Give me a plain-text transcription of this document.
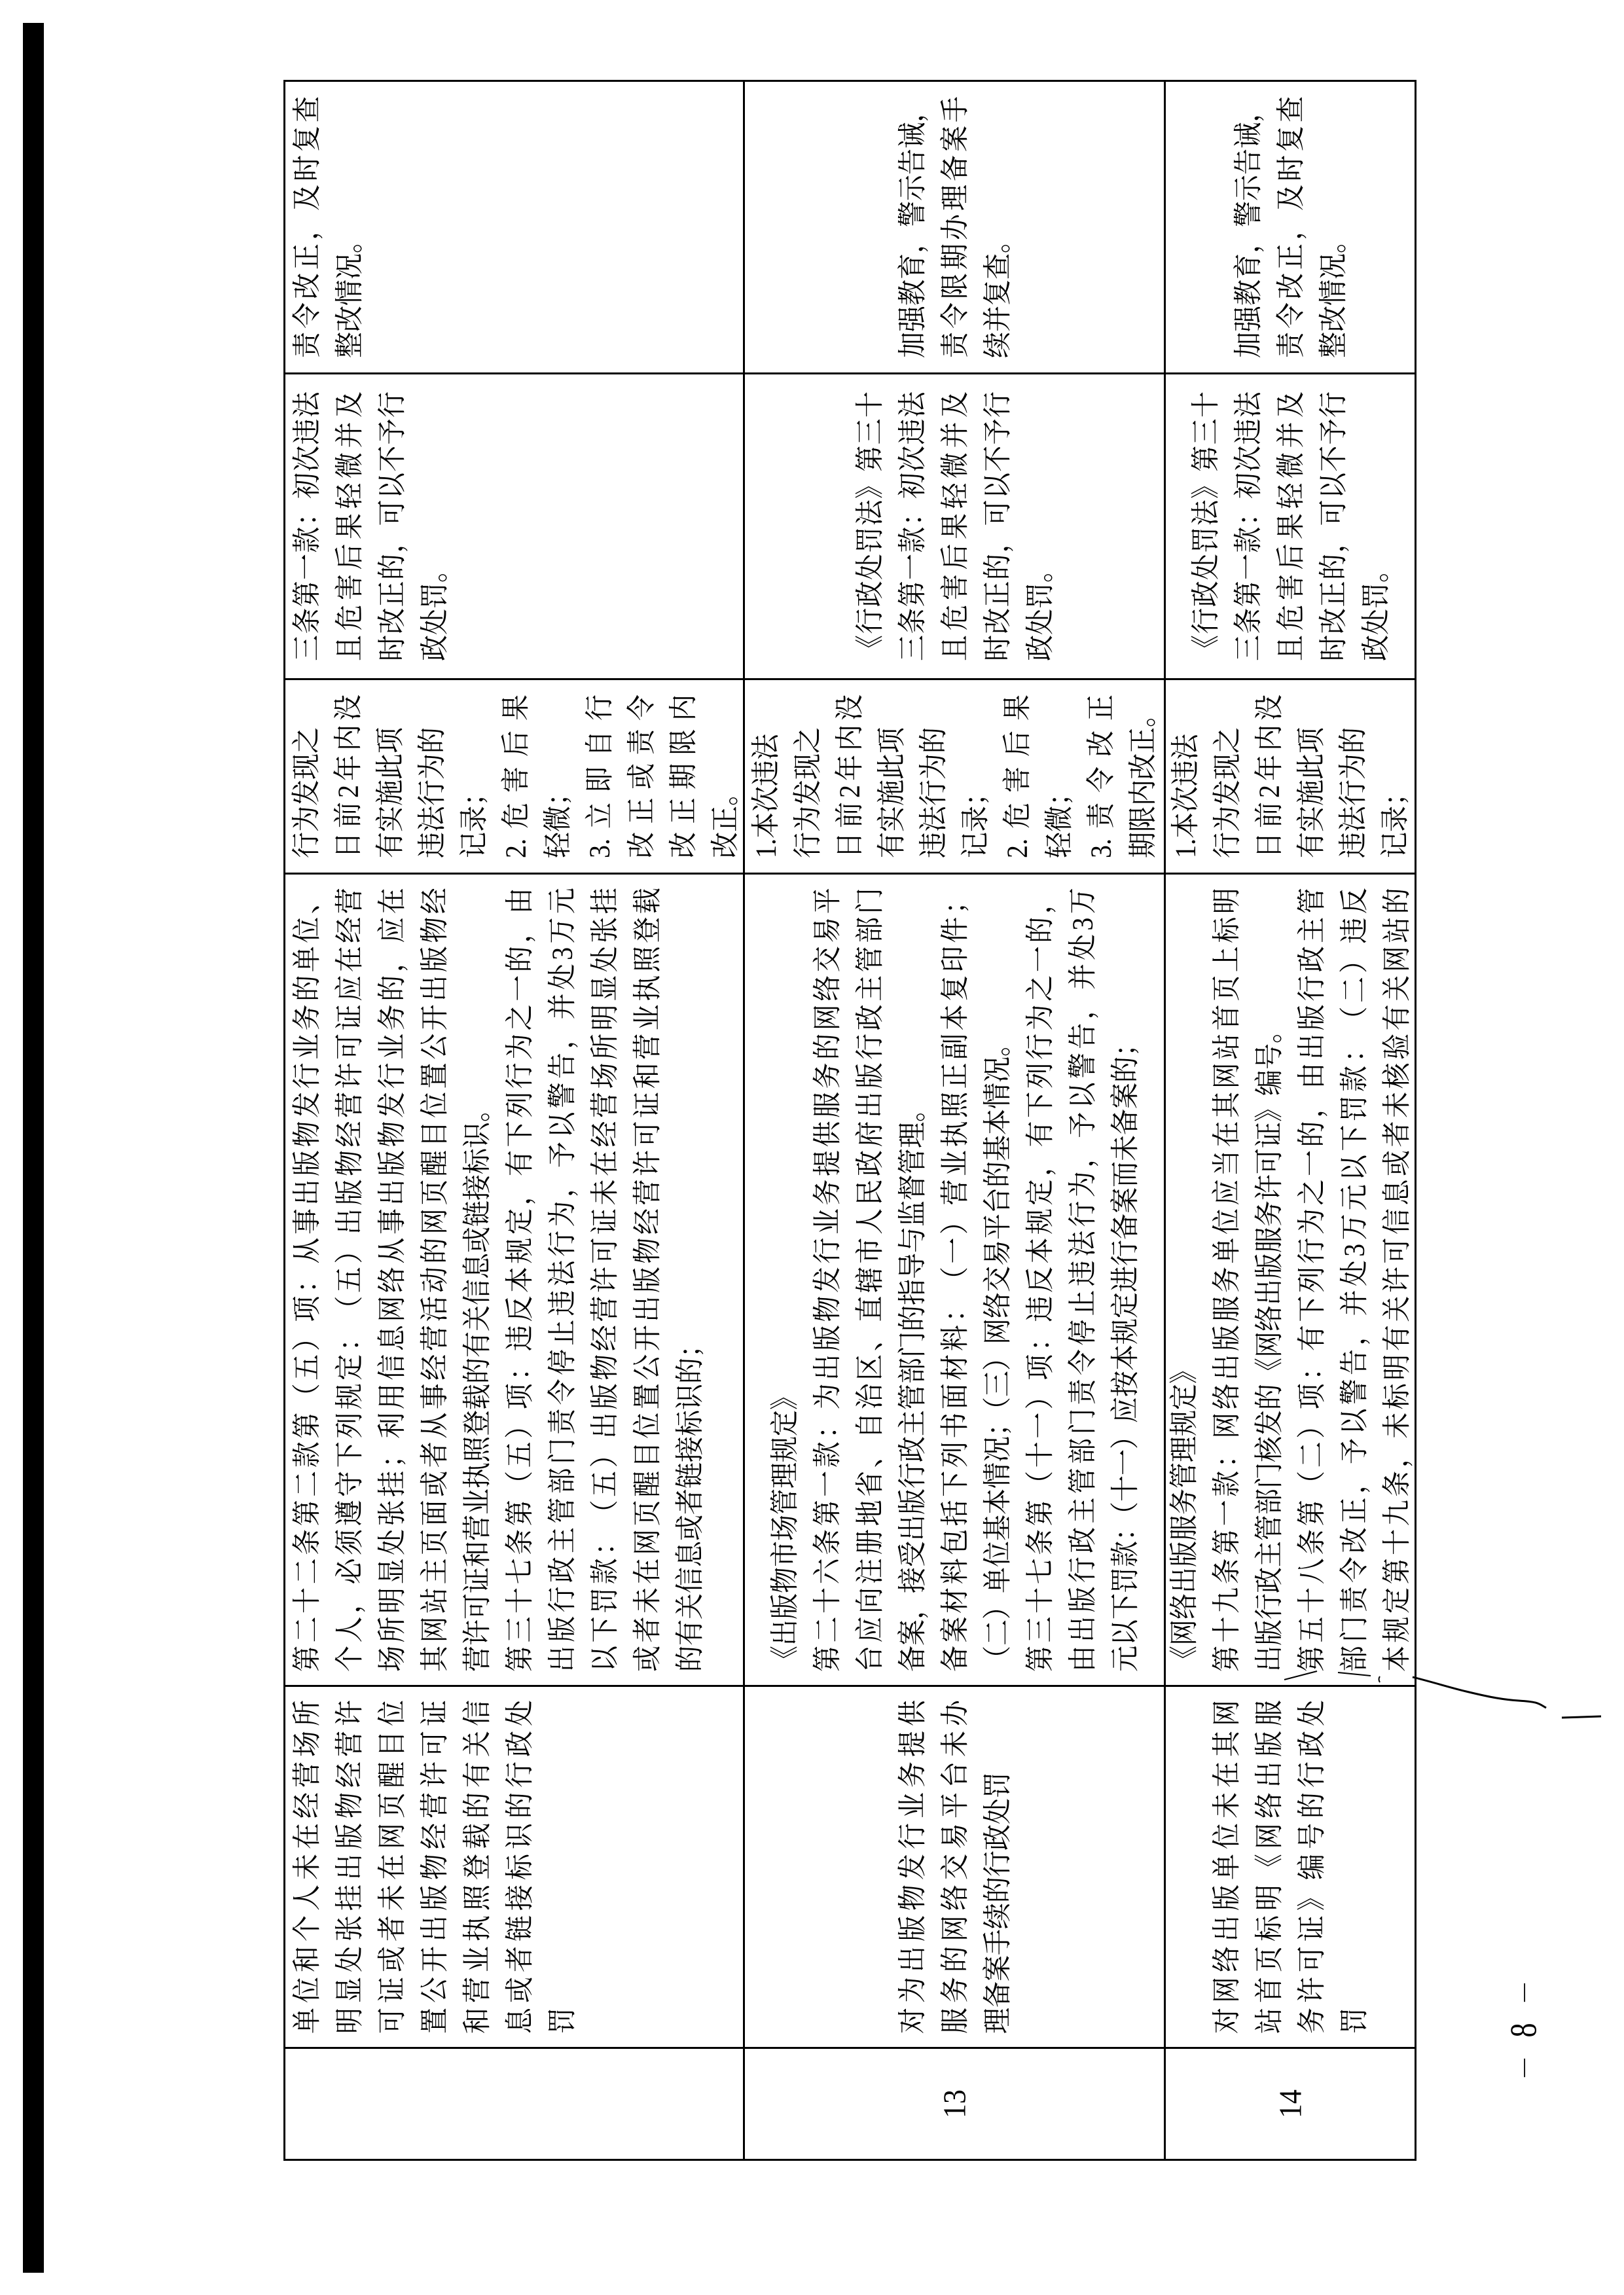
单
位
和
个
人
未
在
经
营
场
所
明
显
处
张
挂
出
版
物
经
营
许
可
证
或
者
未
在
网
页
醒
目
位
置
公
开
出
版
物
经
营
许
可
证
和
营
业
执
照
登
载
的
有
关
信
息
或
者
链
接
标
识
的
行
政
处
罚
第
二
十
二
条
第
二
款
第
（
五
）
项
：
从
事
出
版
物
发
行
业
务
的
单
位
、
个
人
，
必
须
遵
守
下
列
规
定
：
（
五
）
出
版
物
经
营
许
可
证
应
在
经
营
场
所
明
显
处
张
挂
；
利
用
信
息
网
络
从
事
出
版
物
发
行
业
务
的
，
应
在
其
网
站
主
页
面
或
者
从
事
经
营
活
动
的
网
页
醒
目
位
置
公
开
出
版
物
经
营许可证和营业执照登载的有关信息或链接标识。 第
三
十
七
条
第
（
五
）
项
：
违
反
本
规
定
，
有
下
列
行
为
之
一
的
，
由
出
版
行
政
主
管
部
门
责
令
停
止
违
法
行
为
，
予
以
警
告
，
并
处
3
万
元
以
下
罚
款
：
（
五
）
出
版
物
经
营
许
可
证
未
在
经
营
场
所
明
显
处
张
挂
或
者
未
在
网
页
醒
目
位
置
公
开
出
版
物
经
营
许
可
证
和
营
业
执
照
登
载
的有关信息或者链接标识的；
行为发现之 日
前
2
年
内
没
有实施此项 违法行为的 记录； 2.
危
害
后
果
轻微； 3.
立
即
自
行
改
正
或
责
令
改
正
期
限
内
改正。
三
条
第
一
款
：
初
次
违
法
且
危
害
后
果
轻
微
并
及
时
改
正
的
，
可
以
不
予
行
政处罚。
责
令
改
正
，
及
时
复
查
整改情况。
13
对
为
出
版
物
发
行
业
务
提
供
服
务
的
网
络
交
易
平
台
未
办
理备案手续的行政处罚
《出版物市场管理规定》 第
二
十
六
条
第
一
款
：
为
出
版
物
发
行
业
务
提
供
服
务
的
网
络
交
易
平
台
应
向
注
册
地
省
、
自
治
区
、
直
辖
市
人
民
政
府
出
版
行
政
主
管
部
门
备案，接受出版行政主管部门的指导与监督管理。 备
案
材
料
包
括
下
列
书
面
材
料
：
（
一
）
营
业
执
照
正
副
本
复
印
件
；
（二）单位基本情况；（三）网络交易平台的基本情况。 第
三
十
七
条
第
（
十
一
）
项
：
违
反
本
规
定
，
有
下
列
行
为
之
一
的
，
由
出
版
行
政
主
管
部
门
责
令
停
止
违
法
行
为
，
予
以
警
告
，
并
处
3
万
元以下罚款：（十一）应按本规定进行备案而未备案的；
1.本次违法 行为发现之 日
前
2
年
内
没
有实施此项 违法行为的 记录； 2.
危
害
后
果
轻微； 3.
责
令
改
正 期限内改正。
《
行
政
处
罚
法
》
第
三
十
三
条
第
一
款
：
初
次
违
法
且
危
害
后
果
轻
微
并
及
时
改
正
的
，
可
以
不
予
行
政处罚。
加
强
教
育
，
警
示
告
诫
，
责
令
限
期
办
理
备
案
手
续并复查。
14
对
网
络
出
版
单
位
未
在
其
网
站
首
页
标
明
《
网
络
出
版
服
务
许
可
证
》
编
号
的
行
政
处
罚
《网络出版服务管理规定》 第
十
九
条
第
一
款
：
网
络
出
版
服
务
单
位
应
当
在
其
网
站
首
页
上
标
明
出版行政主管部门核发的《网络出版服务许可证》编号。 第
五
十
八
条
第
（
二
）
项
：
有
下
列
行
为
之
一
的
，
由
出
版
行
政
主
管
部
门
责
令
改
正
，
予
以
警
告
，
并
处
3
万
元
以
下
罚
款
：
（
二
）
违
反
本
规
定
第
十
九
条
，
未
标
明
有
关
许
可
信
息
或
者
未
核
验
有
关
网
站
的
1.本次违法 行为发现之 日
前
2
年
内
没
有实施此项 违法行为的 记录；
《
行
政
处
罚
法
》
第
三
十
三
条
第
一
款
：
初
次
违
法
且
危
害
后
果
轻
微
并
及
时
改
正
的
，
可
以
不
予
行
政处罚。
加
强
教
育
，
警
示
告
诫
，
责
令
改
正
，
及
时
复
查
整改情况。
—
8
—
